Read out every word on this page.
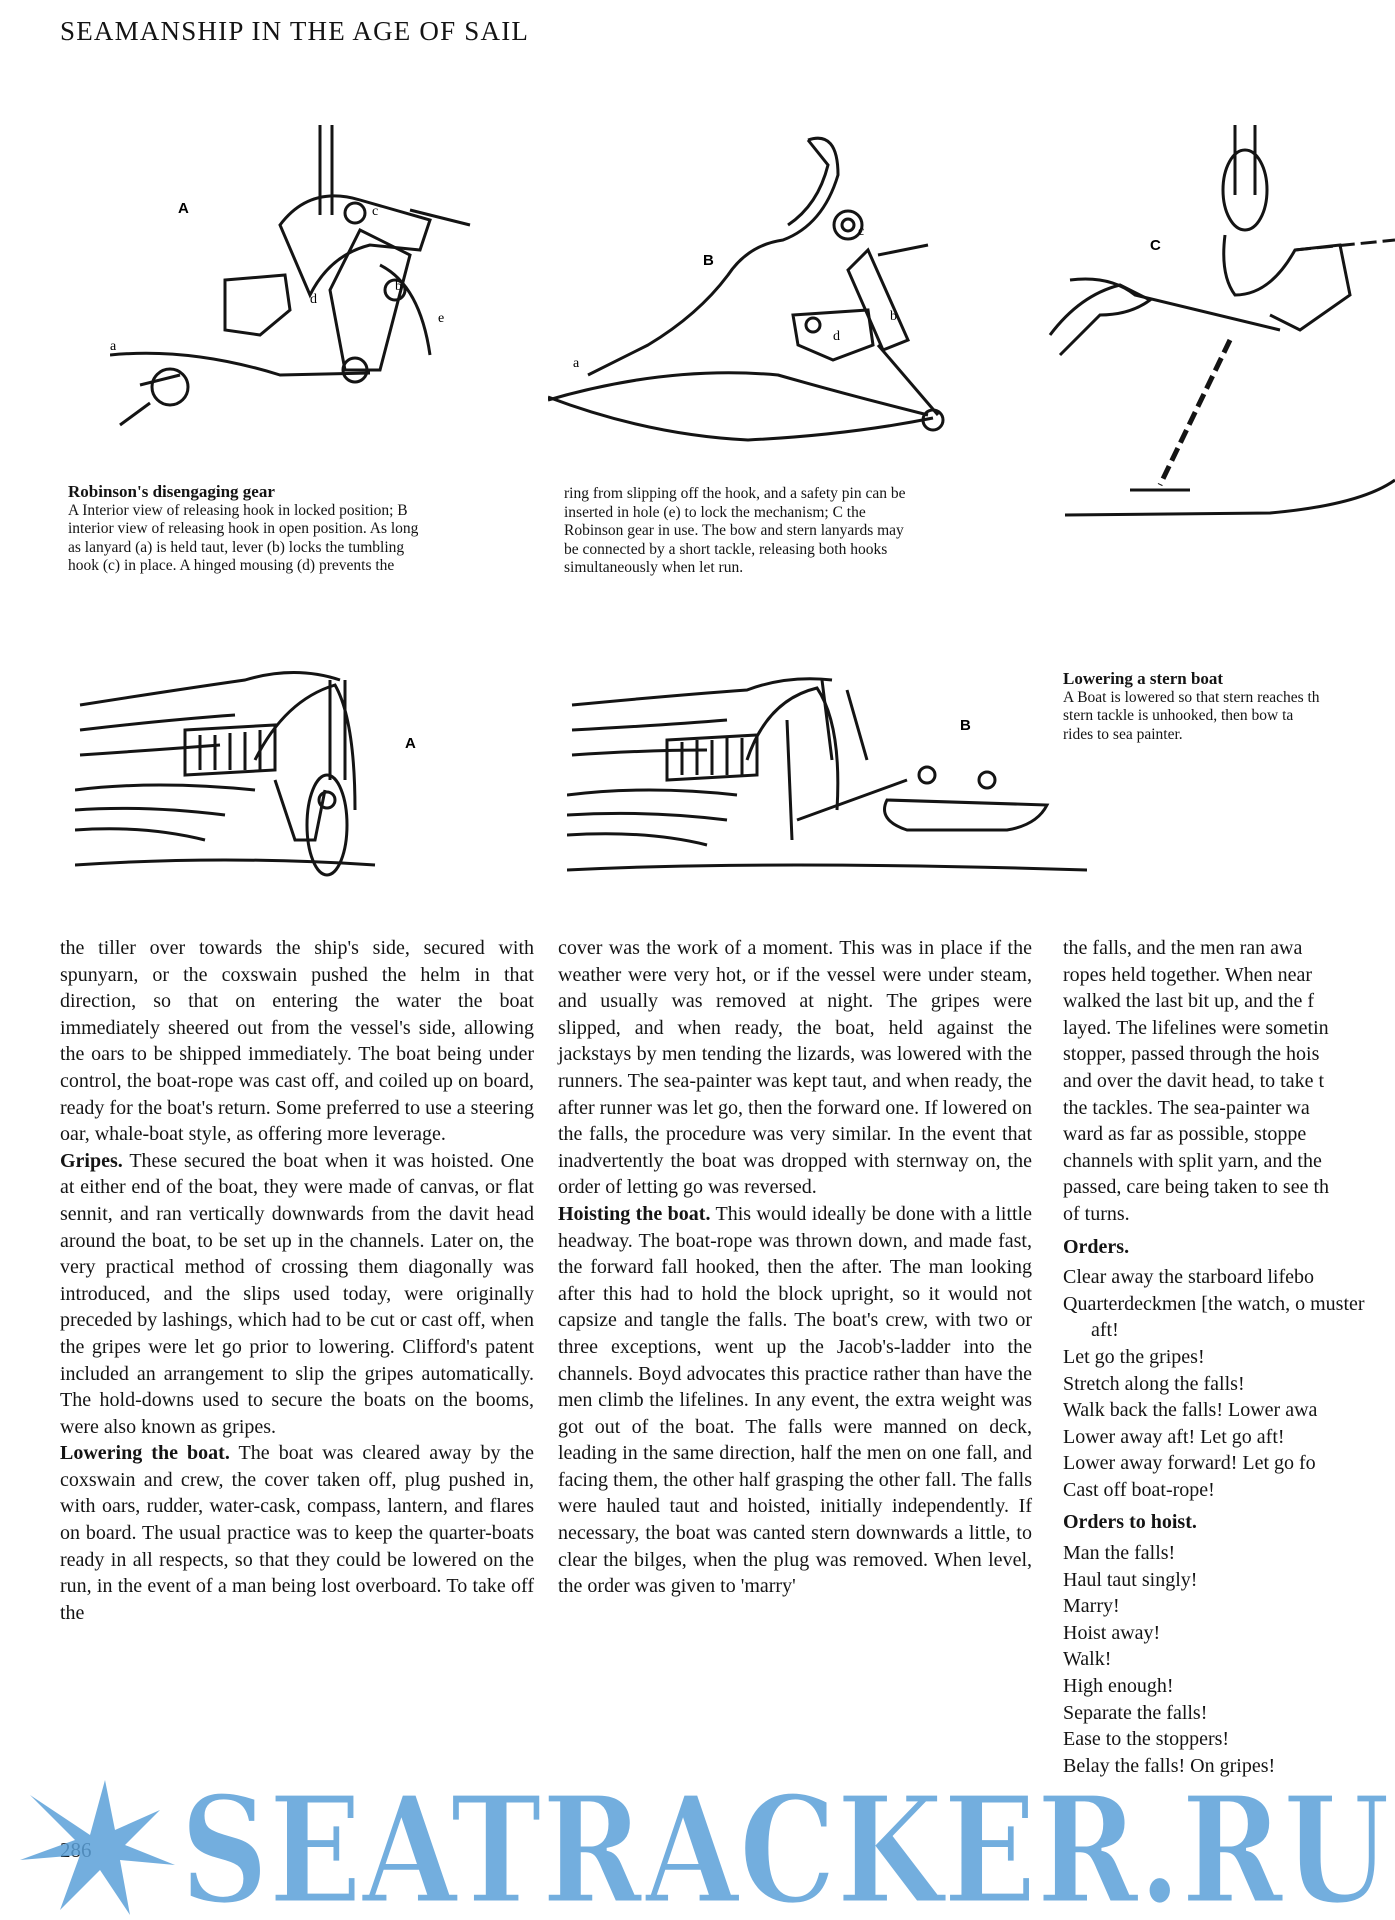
SEAMANSHIP IN THE AGE OF SAIL
A
a
c
d
b
e
B
a
c
d
b
C
Robinson's disengaging gear
A Interior view of releasing hook in locked position; B
interior view of releasing hook in open position. As long
as lanyard (a) is held taut, lever (b) locks the tumbling
hook (c) in place. A hinged mousing (d) prevents the
ring from slipping off the hook, and a safety pin can be
inserted in hole (e) to lock the mechanism; C the
Robinson gear in use. The bow and stern lanyards may
be connected by a short tackle, releasing both hooks
simultaneously when let run.
A
B
Lowering a stern boat
A Boat is lowered so that stern reaches th
stern tackle is unhooked, then bow ta
rides to sea painter.

the tiller over towards the ship's side, secured with spunyarn, or the coxswain pushed the helm in that direction, so that on entering the water the boat immediately sheered out from the vessel's side, allowing the oars to be shipped immediately. The boat being under control, the boat-rope was cast off, and coiled up on board, ready for the boat's return. Some preferred to use a steering oar, whale-boat style, as offering more leverage.

Gripes. These secured the boat when it was hoisted. One at either end of the boat, they were made of canvas, or flat sennit, and ran vertically downwards from the davit head around the boat, to be set up in the channels. Later on, the very practical method of crossing them diagonally was introduced, and the slips used today, were originally preceded by lashings, which had to be cut or cast off, when the gripes were let go prior to lowering. Clifford's patent included an arrangement to slip the gripes automatically. The hold-downs used to secure the boats on the booms, were also known as gripes.

Lowering the boat. The boat was cleared away by the coxswain and crew, the cover taken off, plug pushed in, with oars, rudder, water-cask, compass, lantern, and flares on board. The usual practice was to keep the quarter-boats ready in all respects, so that they could be lowered on the run, in the event of a man being lost overboard. To take off the

cover was the work of a moment. This was in place if the weather were very hot, or if the vessel were under steam, and usually was removed at night. The gripes were slipped, and when ready, the boat, held against the jackstays by men tending the lizards, was lowered with the runners. The sea-painter was kept taut, and when ready, the after runner was let go, then the forward one. If lowered on the falls, the procedure was very similar. In the event that inadvertently the boat was dropped with sternway on, the order of letting go was reversed.

Hoisting the boat. This would ideally be done with a little headway. The boat-rope was thrown down, and made fast, the forward fall hooked, then the after. The man looking after this had to hold the block upright, so it would not capsize and tangle the falls. The boat's crew, with two or three exceptions, went up the Jacob's-ladder into the channels. Boyd advocates this practice rather than have the men climb the lifelines. In any event, the extra weight was got out of the boat. The falls were manned on deck, leading in the same direction, half the men on one fall, and facing them, the other half grasping the other fall. The falls were hauled taut and hoisted, initially independently. If necessary, the boat was canted stern downwards a little, to clear the bilges, when the plug was removed. When level, the order was given to 'marry'

the falls, and the men ran awa
ropes held together. When near
walked the last bit up, and the f
layed. The lifelines were sometin
stopper, passed through the hois
and over the davit head, to take t
the tackles. The sea-painter wa
ward as far as possible, stoppe
channels with split yarn, and the
passed, care being taken to see th
of turns.
Orders.
Clear away the starboard lifebo
Quarterdeckmen [the watch, o muster aft!
Let go the gripes!
Stretch along the falls!
Walk back the falls! Lower awa
Lower away aft! Let go aft!
Lower away forward! Let go fo
Cast off boat-rope!
Orders to hoist.
Man the falls!
Haul taut singly!
Marry!
Hoist away!
Walk!
High enough!
Separate the falls!
Ease to the stoppers!
Belay the falls! On gripes!
SEATRACKER.RU
